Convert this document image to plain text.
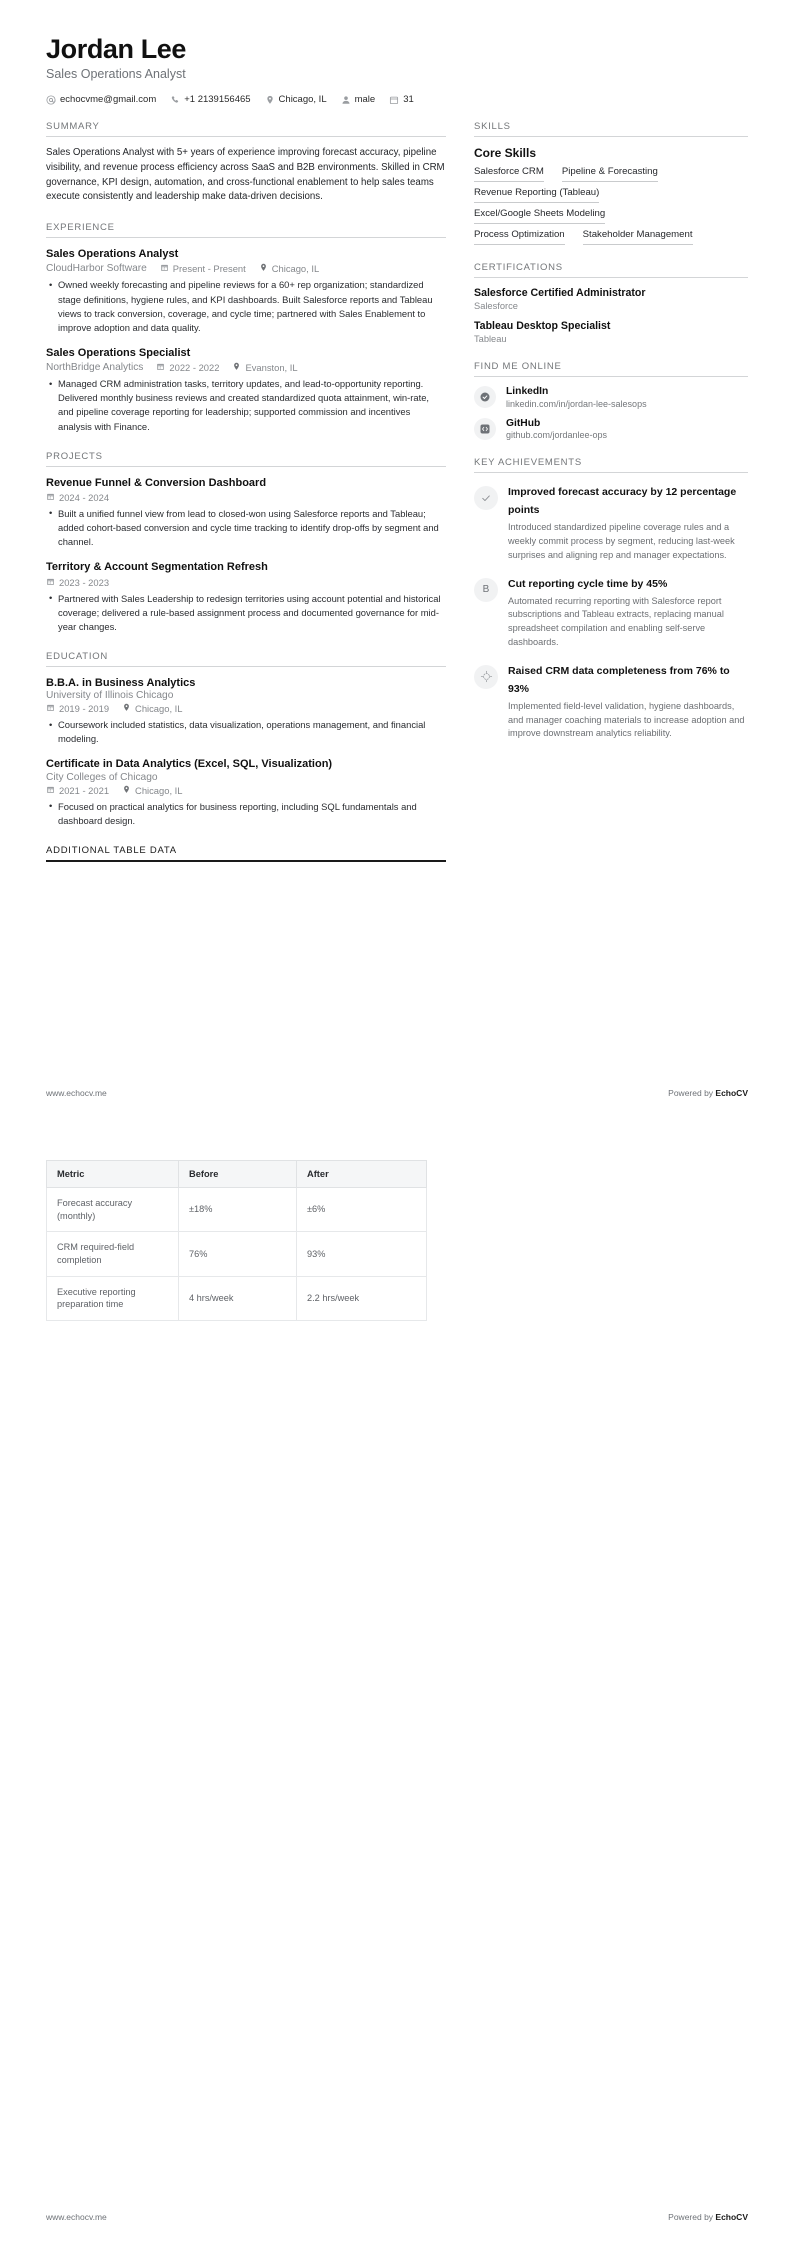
Jordan Lee
Sales Operations Analyst
echocvme@gmail.com	+1 2139156465	Chicago, IL	male	31
SUMMARY
Sales Operations Analyst with 5+ years of experience improving forecast accuracy, pipeline visibility, and revenue process efficiency across SaaS and B2B environments. Skilled in CRM governance, KPI design, automation, and cross-functional enablement to help sales teams execute consistently and leadership make data-driven decisions.
EXPERIENCE
Sales Operations Analyst
CloudHarbor Software	Present - Present	Chicago, IL
• Owned weekly forecasting and pipeline reviews for a 60+ rep organization; standardized stage definitions, hygiene rules, and KPI dashboards. Built Salesforce reports and Tableau views to track conversion, coverage, and cycle time; partnered with Sales Enablement to improve adoption and data quality.
Sales Operations Specialist
NorthBridge Analytics	2022 - 2022	Evanston, IL
• Managed CRM administration tasks, territory updates, and lead-to-opportunity reporting. Delivered monthly business reviews and created standardized quota attainment, win-rate, and pipeline coverage reporting for leadership; supported commission and incentives analysis with Finance.
PROJECTS
Revenue Funnel & Conversion Dashboard
2024 - 2024
• Built a unified funnel view from lead to closed-won using Salesforce reports and Tableau; added cohort-based conversion and cycle time tracking to identify drop-offs by segment and channel.
Territory & Account Segmentation Refresh
2023 - 2023
• Partnered with Sales Leadership to redesign territories using account potential and historical coverage; delivered a rule-based assignment process and documented governance for mid-year changes.
EDUCATION
B.B.A. in Business Analytics
University of Illinois Chicago
2019 - 2019	Chicago, IL
• Coursework included statistics, data visualization, operations management, and financial modeling.
Certificate in Data Analytics (Excel, SQL, Visualization)
City Colleges of Chicago
2021 - 2021	Chicago, IL
• Focused on practical analytics for business reporting, including SQL fundamentals and dashboard design.
ADDITIONAL TABLE DATA
SKILLS
Core Skills
Salesforce CRM Pipeline & Forecasting
Revenue Reporting (Tableau)
Excel/Google Sheets Modeling
Process Optimization Stakeholder Management
CERTIFICATIONS
Salesforce Certified Administrator
Salesforce
Tableau Desktop Specialist
Tableau
FIND ME ONLINE
LinkedIn
linkedin.com/in/jordan-lee-salesops
GitHub
github.com/jordanlee-ops
KEY ACHIEVEMENTS
Improved forecast accuracy by 12 percentage points
Introduced standardized pipeline coverage rules and a weekly commit process by segment, reducing last-week surprises and aligning rep and manager expectations.
B	Cut reporting cycle time by 45%
Automated recurring reporting with Salesforce report subscriptions and Tableau extracts, replacing manual spreadsheet compilation and enabling self-serve dashboards.
Raised CRM data completeness from 76% to 93%
Implemented field-level validation, hygiene dashboards, and manager coaching materials to increase adoption and improve downstream analytics reliability.
www.echocv.me	Powered by EchoCV
Metric	Before	After
Forecast accuracy (monthly)	±18%	±6%
CRM required-field completion	76%	93%
Executive reporting preparation time	4 hrs/week	2.2 hrs/week
www.echocv.me	Powered by EchoCV
